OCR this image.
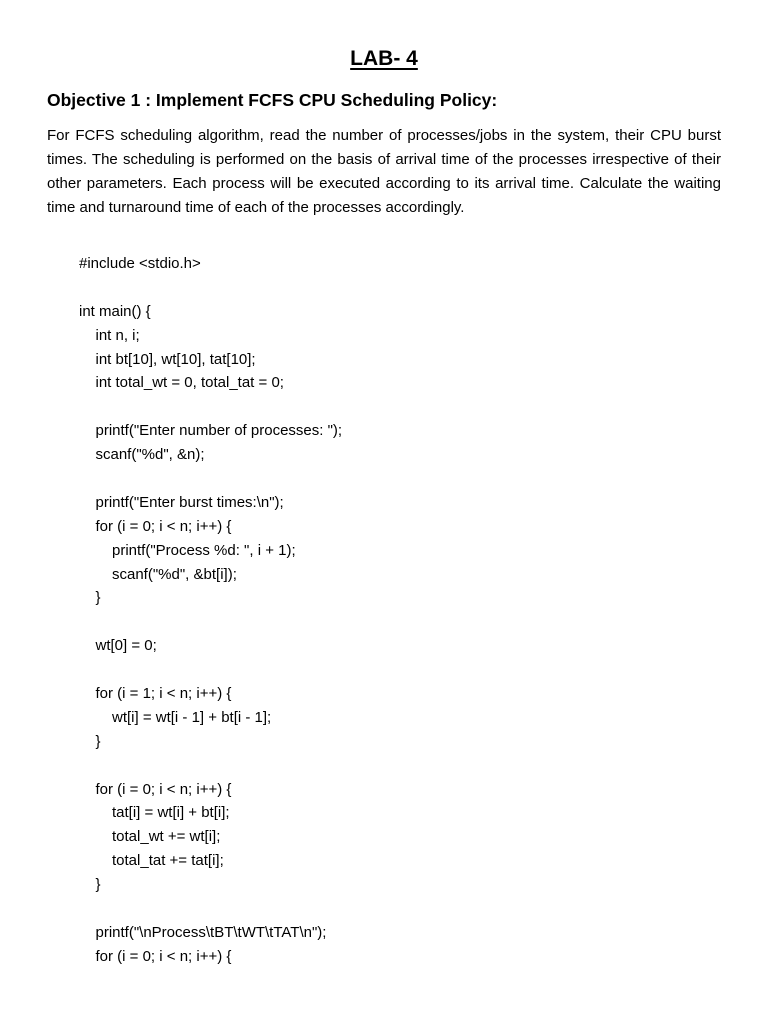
LAB- 4
Objective 1 : Implement FCFS CPU Scheduling Policy:
For FCFS scheduling algorithm, read the number of processes/jobs in the system, their CPU burst times. The scheduling is performed on the basis of arrival time of the processes irrespective of their other parameters. Each process will be executed according to its arrival time. Calculate the waiting time and turnaround time of each of the processes accordingly.
#include <stdio.h>
int main() {
int n, i;
int bt[10], wt[10], tat[10];
int total_wt = 0, total_tat = 0;
printf("Enter number of processes: ");
scanf("%d", &n);
printf("Enter burst times:\n");
for (i = 0; i < n; i++) {
printf("Process %d: ", i + 1);
scanf("%d", &bt[i]);
}
wt[0] = 0;
for (i = 1; i < n; i++) {
wt[i] = wt[i - 1] + bt[i - 1];
}
for (i = 0; i < n; i++) {
tat[i] = wt[i] + bt[i];
total_wt += wt[i];
total_tat += tat[i];
}
printf("\nProcess\tBT\tWT\tTAT\n");
for (i = 0; i < n; i++) {
